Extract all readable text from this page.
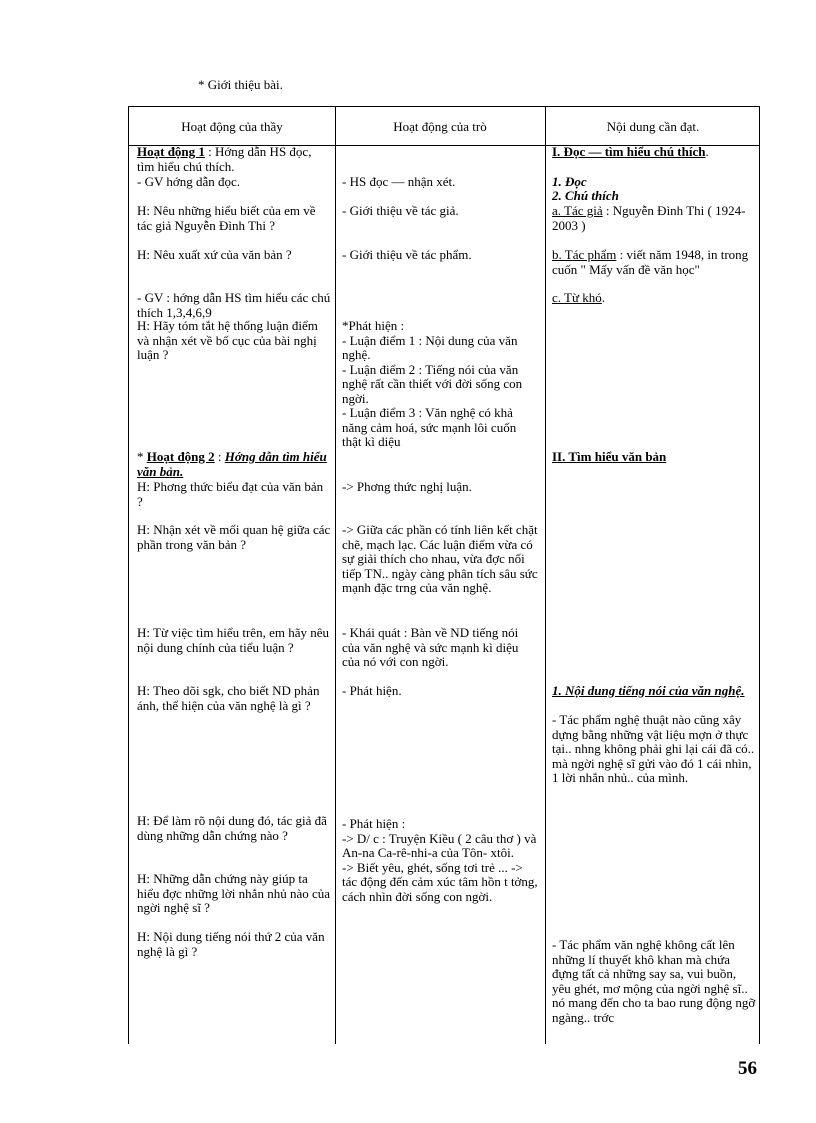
* Giới thiệu bài.
Hoạt động của thầy	Hoạt động của trò	Nội dung cần đạt.
Hoạt động 1 : Hớng dẫn HS đọc, tìm hiểu chú thích.
- GV hớng dẫn đọc.
H: Nêu những hiểu biết của em về tác giả Nguyễn Đình Thi ?
H: Nêu xuất xứ của văn bản ?
- GV : hớng dẫn HS tìm hiểu các chú thích 1,3,4,6,9
H: Hãy tóm tắt hệ thống luận điểm và nhận xét về bố cục của bài nghị luận ?
* Hoạt động 2 : Hớng dẫn tìm hiểu văn bản.
H: Phơng thức biểu đạt của văn bản ?
H: Nhận xét về mối quan hệ giữa các phần trong văn bản ?
H: Từ việc tìm hiểu trên, em hãy nêu nội dung chính của tiểu luận ?
H: Theo dõi sgk, cho biết ND phản ánh, thể hiện của văn nghệ là gì ?
H: Để làm rõ nội dung đó, tác giả đã dùng những dẫn chứng nào ?
H: Những dẫn chứng này giúp ta hiểu đợc những lời nhắn nhủ nào của ngời nghệ sĩ ?
H: Nội dung tiếng nói thứ 2 của văn nghệ là gì ?
- HS đọc — nhận xét.
- Giới thiệu về tác giả.
- Giới thiệu về tác phẩm.
*Phát hiện :
- Luận điểm 1 : Nội dung của văn nghệ.
- Luận điểm 2 : Tiếng nói của văn nghệ rất cần thiết với đời sống con ngời.
- Luận điểm 3 : Văn nghệ có khả năng cảm hoá, sức mạnh lôi cuốn thật kì diệu
-> Phơng thức nghị luận.
-> Giữa các phần có tính liên kết chặt chẽ, mạch lạc. Các luận điểm vừa có sự giải thích cho nhau, vừa đợc nối tiếp TN.. ngày càng phân tích sâu sức mạnh đặc trng của văn nghệ.
- Khái quát : Bàn về ND tiếng nói của văn nghệ và sức mạnh kì diệu của nó với con ngời.
- Phát hiện.
- Phát hiện :
-> D/ c : Truyện Kiều ( 2 câu thơ ) và An-na Ca-rê-nhi-a của Tôn- xtôi.
-> Biết yêu, ghét, sống tơi trẻ ... -> tác động đến cảm xúc tâm hồn t tởng, cách nhìn đời sống con ngời.
I. Đọc — tìm hiểu chú thích.
1. Đọc
2. Chú thích
a. Tác giả : Nguyễn Đình Thi ( 1924- 2003 )
b. Tác phẩm : viết năm 1948, in trong cuốn " Mấy vấn đề văn học"
c. Từ khó.
II. Tìm hiểu văn bản
1. Nội dung tiếng nói của văn nghệ.
- Tác phẩm nghệ thuật nào cũng xây dựng bằng những vật liệu mợn ở thực tại.. nhng không phải ghi lại cái đã có.. mà ngời nghệ sĩ gửi vào đó 1 cái nhìn, 1 lời nhắn nhủ.. của mình.
- Tác phẩm văn nghệ không cất lên những lí thuyết khô khan mà chứa đựng tất cả những say sa, vui buồn, yêu ghét, mơ mộng của ngời nghệ sĩ.. nó mang đến cho ta bao rung động ngỡ ngàng.. trớc
56
